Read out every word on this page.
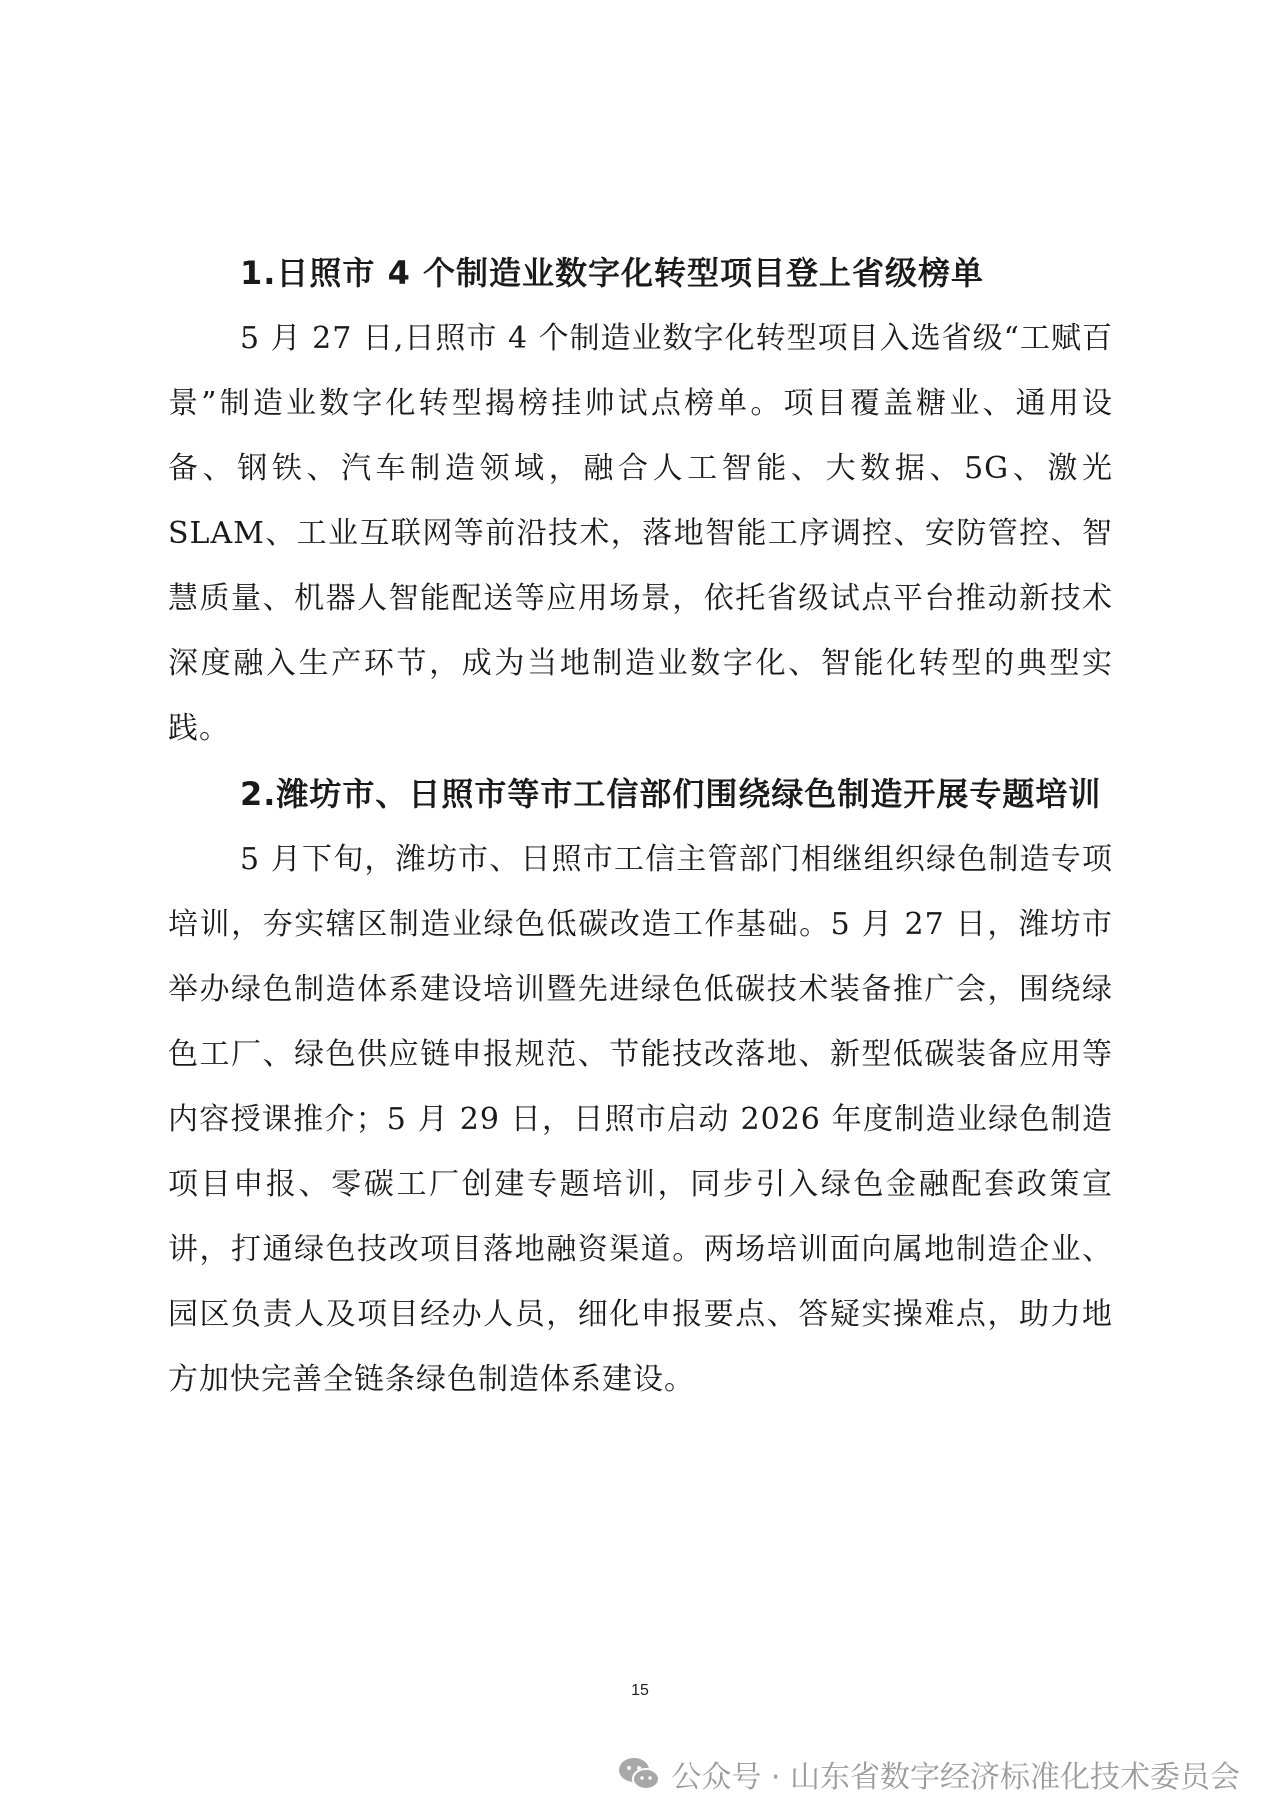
1.日照市 4 个制造业数字化转型项目登上省级榜单

5 月 27 日,日照市 4 个制造业数字化转型项目入选省级“工赋百景”制造业数字化转型揭榜挂帅试点榜单。项目覆盖糖业、通用设备、钢铁、汽车制造领域，融合人工智能、大数据、5G、激光 SLAM、工业互联网等前沿技术，落地智能工序调控、安防管控、智慧质量、机器人智能配送等应用场景，依托省级试点平台推动新技术深度融入生产环节，成为当地制造业数字化、智能化转型的典型实践。

2.潍坊市、日照市等市工信部们围绕绿色制造开展专题培训

5 月下旬，潍坊市、日照市工信主管部门相继组织绿色制造专项培训，夯实辖区制造业绿色低碳改造工作基础。5 月 27 日，潍坊市举办绿色制造体系建设培训暨先进绿色低碳技术装备推广会，围绕绿色工厂、绿色供应链申报规范、节能技改落地、新型低碳装备应用等内容授课推介；5 月 29 日，日照市启动 2026 年度制造业绿色制造项目申报、零碳工厂创建专题培训，同步引入绿色金融配套政策宣讲，打通绿色技改项目落地融资渠道。两场培训面向属地制造企业、园区负责人及项目经办人员，细化申报要点、答疑实操难点，助力地方加快完善全链条绿色制造体系建设。

15
公众号 · 山东省数字经济标准化技术委员会
